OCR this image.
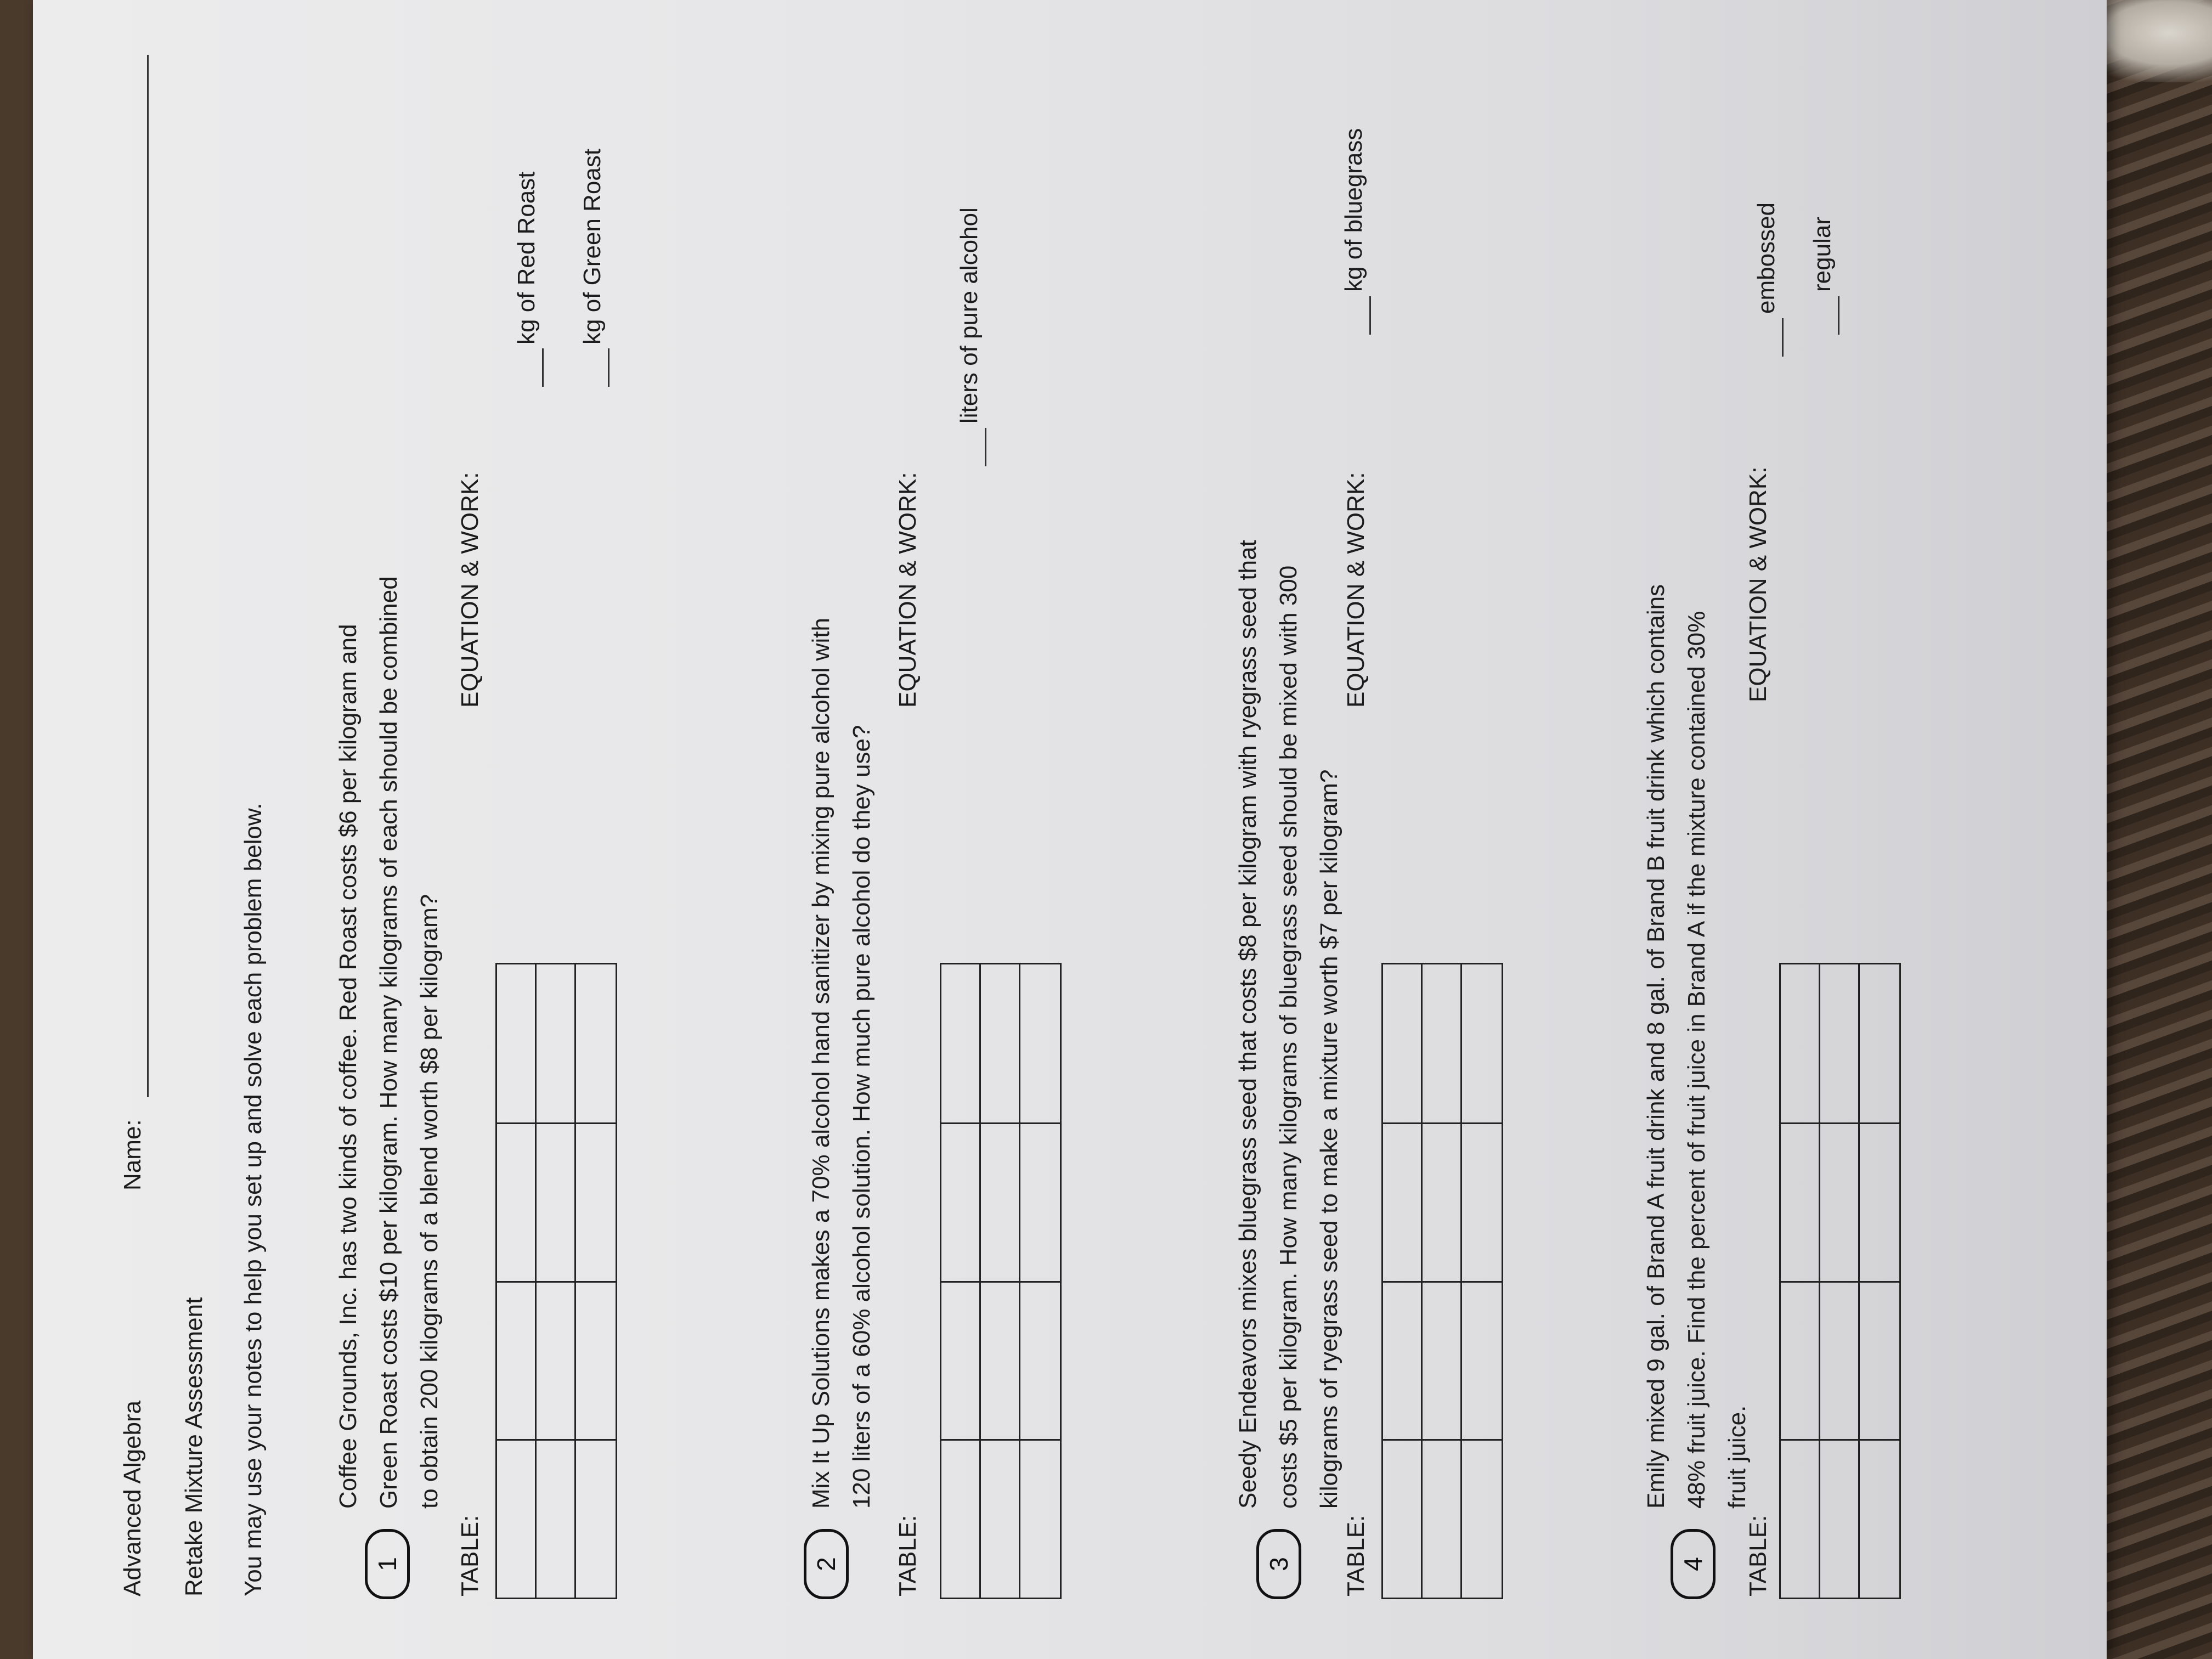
Advanced Algebra
Name:
Retake Mixture Assessment You may use your notes to help you set up and solve each problem below.	1
Coffee Grounds, Inc. has two kinds of coffee. Red Roast costs $6 per kilogram and
Green Roast costs $10 per kilogram. How many kilograms of each should be combined
to obtain 200 kilograms of a blend worth $8 per kilogram?
TABLE:
EQUATION & WORK:
kg of Red Roast kg of Green Roast
2
Mix It Up Solutions makes a 70% alcohol hand sanitizer by mixing pure alcohol with
120 liters of a 60% alcohol solution. How much pure alcohol do they use?
TABLE:
EQUATION & WORK:
liters of pure alcohol
3
Seedy Endeavors mixes bluegrass seed that costs $8 per kilogram with ryegrass seed that
costs $5 per kilogram. How many kilograms of bluegrass seed should be mixed with 300
kilograms of ryegrass seed to make a mixture worth $7 per kilogram?
TABLE:
EQUATION & WORK:
kg of bluegrass
4
Emily mixed 9 gal. of Brand A fruit drink and 8 gal. of Brand B fruit drink which contains
48% fruit juice. Find the percent of fruit juice in Brand A if the mixture contained 30%
fruit juice.
TABLE:
EQUATION & WORK:
embossed regular
